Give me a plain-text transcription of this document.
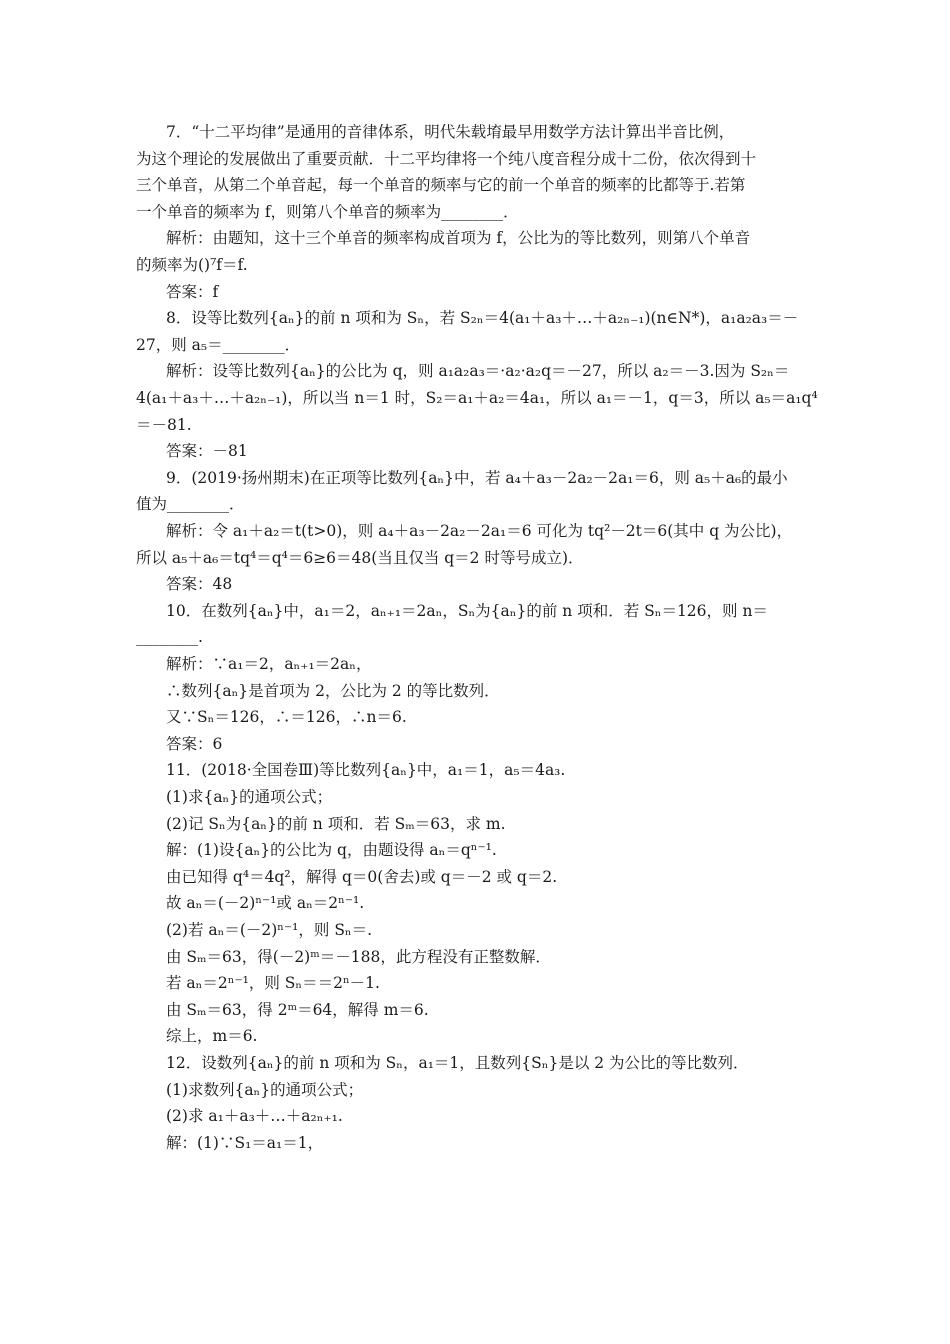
7．“十二平均律”是通用的音律体系，明代朱载堉最早用数学方法计算出半音比例，
为这个理论的发展做出了重要贡献．十二平均律将一个纯八度音程分成十二份，依次得到十
三个单音，从第二个单音起，每一个单音的频率与它的前一个单音的频率的比都等于.若第
一个单音的频率为 f，则第八个单音的频率为________．
解析：由题知，这十三个单音的频率构成首项为 f，公比为的等比数列，则第八个单音
的频率为()⁷f＝f.
答案：f
8．设等比数列{aₙ}的前 n 项和为 Sₙ，若 S₂ₙ＝4(a₁＋a₃＋…＋a₂ₙ₋₁)(n∈N*)，a₁a₂a₃＝－
27，则 a₅＝________．
解析：设等比数列{aₙ}的公比为 q，则 a₁a₂a₃＝·a₂·a₂q＝－27，所以 a₂＝－3.因为 S₂ₙ＝
4(a₁＋a₃＋…＋a₂ₙ₋₁)，所以当 n＝1 时，S₂＝a₁＋a₂＝4a₁，所以 a₁＝－1，q＝3，所以 a₅＝a₁q⁴
＝－81.
答案：－81
9．(2019·扬州期末)在正项等比数列{aₙ}中，若 a₄＋a₃－2a₂－2a₁＝6，则 a₅＋a₆的最小
值为________．
解析：令 a₁＋a₂＝t(t>0)，则 a₄＋a₃－2a₂－2a₁＝6 可化为 tq²－2t＝6(其中 q 为公比)，
所以 a₅＋a₆＝tq⁴＝q⁴＝6≥6＝48(当且仅当 q＝2 时等号成立)．
答案：48
10．在数列{aₙ}中，a₁＝2，aₙ₊₁＝2aₙ，Sₙ为{aₙ}的前 n 项和．若 Sₙ＝126，则 n＝
________.
解析：∵a₁＝2，aₙ₊₁＝2aₙ，
∴数列{aₙ}是首项为 2，公比为 2 的等比数列．
又∵Sₙ＝126，∴＝126，∴n＝6.
答案：6
11．(2018·全国卷Ⅲ)等比数列{aₙ}中，a₁＝1，a₅＝4a₃.
(1)求{aₙ}的通项公式；
(2)记 Sₙ为{aₙ}的前 n 项和．若 Sₘ＝63，求 m.
解：(1)设{aₙ}的公比为 q，由题设得 aₙ＝qⁿ⁻¹.
由已知得 q⁴＝4q²，解得 q＝0(舍去)或 q＝－2 或 q＝2.
故 aₙ＝(－2)ⁿ⁻¹或 aₙ＝2ⁿ⁻¹.
(2)若 aₙ＝(－2)ⁿ⁻¹，则 Sₙ＝.
由 Sₘ＝63，得(－2)ᵐ＝－188，此方程没有正整数解．
若 aₙ＝2ⁿ⁻¹，则 Sₙ＝＝2ⁿ－1.
由 Sₘ＝63，得 2ᵐ＝64，解得 m＝6.
综上，m＝6.
12．设数列{aₙ}的前 n 项和为 Sₙ，a₁＝1，且数列{Sₙ}是以 2 为公比的等比数列．
(1)求数列{aₙ}的通项公式；
(2)求 a₁＋a₃＋…＋a₂ₙ₊₁.
解：(1)∵S₁＝a₁＝1，
